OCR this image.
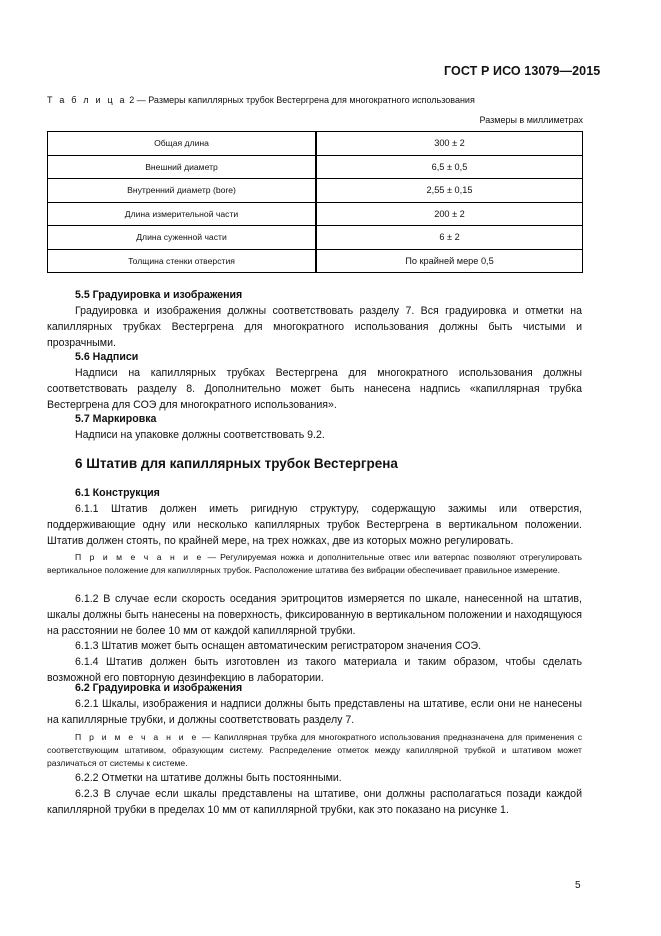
ГОСТ Р ИСО 13079—2015
Т а б л и ц а 2 — Размеры капиллярных трубок Вестергрена для многократного использования
Размеры в миллиметрах
Общая длина	300 ± 2
Внешний диаметр	6,5 ± 0,5
Внутренний диаметр (bore)	2,55 ± 0,15
Длина измерительной части	200 ± 2
Длина суженной части	6 ± 2
Толщина стенки отверстия	По крайней мере 0,5
5.5 Градуировка и изображения

Градуировка и изображения должны соответствовать разделу 7. Вся градуировка и отметки на капиллярных трубках Вестергрена для многократного использования должны быть чистыми и прозрачными.

5.6 Надписи

Надписи на капиллярных трубках Вестергрена для многократного использования должны соответствовать разделу 8. Дополнительно может быть нанесена надпись «капиллярная трубка Вестергрена для СОЭ для многократного использования».

5.7 Маркировка

Надписи на упаковке должны соответствовать 9.2.

6 Штатив для капиллярных трубок Вестергрена
6.1 Конструкция

6.1.1 Штатив должен иметь ригидную структуру, содержащую зажимы или отверстия, поддерживающие одну или несколько капиллярных трубок Вестергрена в вертикальном положении. Штатив должен стоять, по крайней мере, на трех ножках, две из которых можно регулировать.

П р и м е ч а н и е — Регулируемая ножка и дополнительные отвес или ватерпас позволяют отрегулировать вертикальное положение для капиллярных трубок. Расположение штатива без вибрации обеспечивает правильное измерение.

6.1.2 В случае если скорость оседания эритроцитов измеряется по шкале, нанесенной на штатив, шкалы должны быть нанесены на поверхность, фиксированную в вертикальном положении и находящуюся на расстоянии не более 10 мм от каждой капиллярной трубки.

6.1.3 Штатив может быть оснащен автоматическим регистратором значения СОЭ.

6.1.4 Штатив должен быть изготовлен из такого материала и таким образом, чтобы сделать возможной его повторную дезинфекцию в лаборатории.

6.2 Градуировка и изображения

6.2.1 Шкалы, изображения и надписи должны быть представлены на штативе, если они не нанесены на капиллярные трубки, и должны соответствовать разделу 7.

П р и м е ч а н и е — Капиллярная трубка для многократного использования предназначена для применения с соответствующим штативом, образующим систему. Распределение отметок между капиллярной трубкой и штативом может различаться от системы к системе.

6.2.2 Отметки на штативе должны быть постоянными.

6.2.3 В случае если шкалы представлены на штативе, они должны располагаться позади каждой капиллярной трубки в пределах 10 мм от капиллярной трубки, как это показано на рисунке 1.

5
